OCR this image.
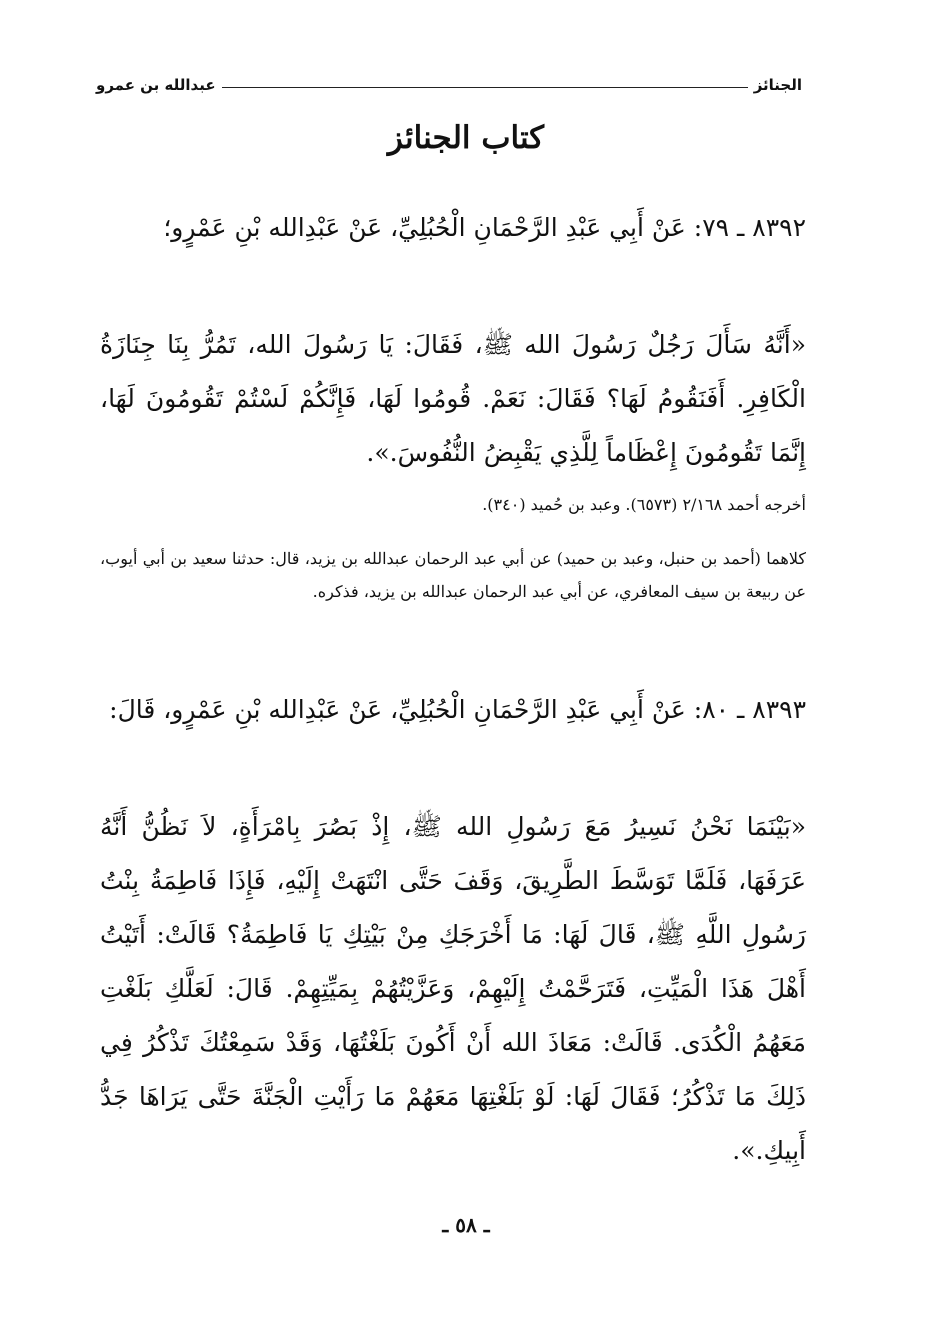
الجنائز
عبدالله بن عمرو
كتاب الجنائز
٨٣٩٢ ـ ٧٩: عَنْ أَبِي عَبْدِ الرَّحْمَانِ الْحُبُلِيِّ، عَنْ عَبْدِالله بْنِ عَمْرٍو؛
«أَنَّهُ سَأَلَ رَجُلٌ رَسُولَ الله ﷺ، فَقَالَ: يَا رَسُولَ الله، تَمُرُّ بِنَا جِنَازَةُ الْكَافِرِ. أَفَنَقُومُ لَهَا؟ فَقَالَ: نَعَمْ. قُومُوا لَهَا، فَإِنَّكُمْ لَسْتُمْ تَقُومُونَ لَهَا، إِنَّمَا تَقُومُونَ إِعْظَاماً لِلَّذِي يَقْبِضُ النُّفُوسَ.».
أخرجه أحمد ٢/١٦٨ (٦٥٧٣). وعبد بن حُميد (٣٤٠).
كلاهما (أحمد بن حنبل، وعبد بن حميد) عن أبي عبد الرحمان عبدالله بن يزيد، قال: حدثنا سعيد بن أبي أيوب، عن ربيعة بن سيف المعافري، عن أبي عبد الرحمان عبدالله بن يزيد، فذكره.
٨٣٩٣ ـ ٨٠: عَنْ أَبِي عَبْدِ الرَّحْمَانِ الْحُبُلِيِّ، عَنْ عَبْدِالله بْنِ عَمْرٍو، قَالَ:
«بَيْنَمَا نَحْنُ نَسِيرُ مَعَ رَسُولِ الله ﷺ، إِذْ بَصُرَ بِامْرَأَةٍ، لاَ نَظُنُّ أَنَّهُ عَرَفَهَا، فَلَمَّا تَوَسَّطَ الطَّرِيقَ، وَقَفَ حَتَّى انْتَهَتْ إِلَيْهِ، فَإِذَا فَاطِمَةُ بِنْتُ رَسُولِ اللَّهِ ﷺ، قَالَ لَهَا: مَا أَخْرَجَكِ مِنْ بَيْتِكِ يَا فَاطِمَةُ؟ قَالَتْ: أَتَيْتُ أَهْلَ هَذَا الْمَيِّتِ، فَتَرَحَّمْتُ إِلَيْهِمْ، وَعَزَّيْتُهُمْ بِمَيِّتِهِمْ. قَالَ: لَعَلَّكِ بَلَغْتِ مَعَهُمُ الْكُدَى. قَالَتْ: مَعَاذَ الله أَنْ أَكُونَ بَلَغْتُهَا، وَقَدْ سَمِعْتُكَ تَذْكُرُ فِي ذَلِكَ مَا تَذْكُرُ؛ فَقَالَ لَهَا: لَوْ بَلَغْتِهَا مَعَهُمْ مَا رَأَيْتِ الْجَنَّةَ حَتَّى يَرَاهَا جَدُّ أَبِيكِ.».
ـ ٥٨ ـ
